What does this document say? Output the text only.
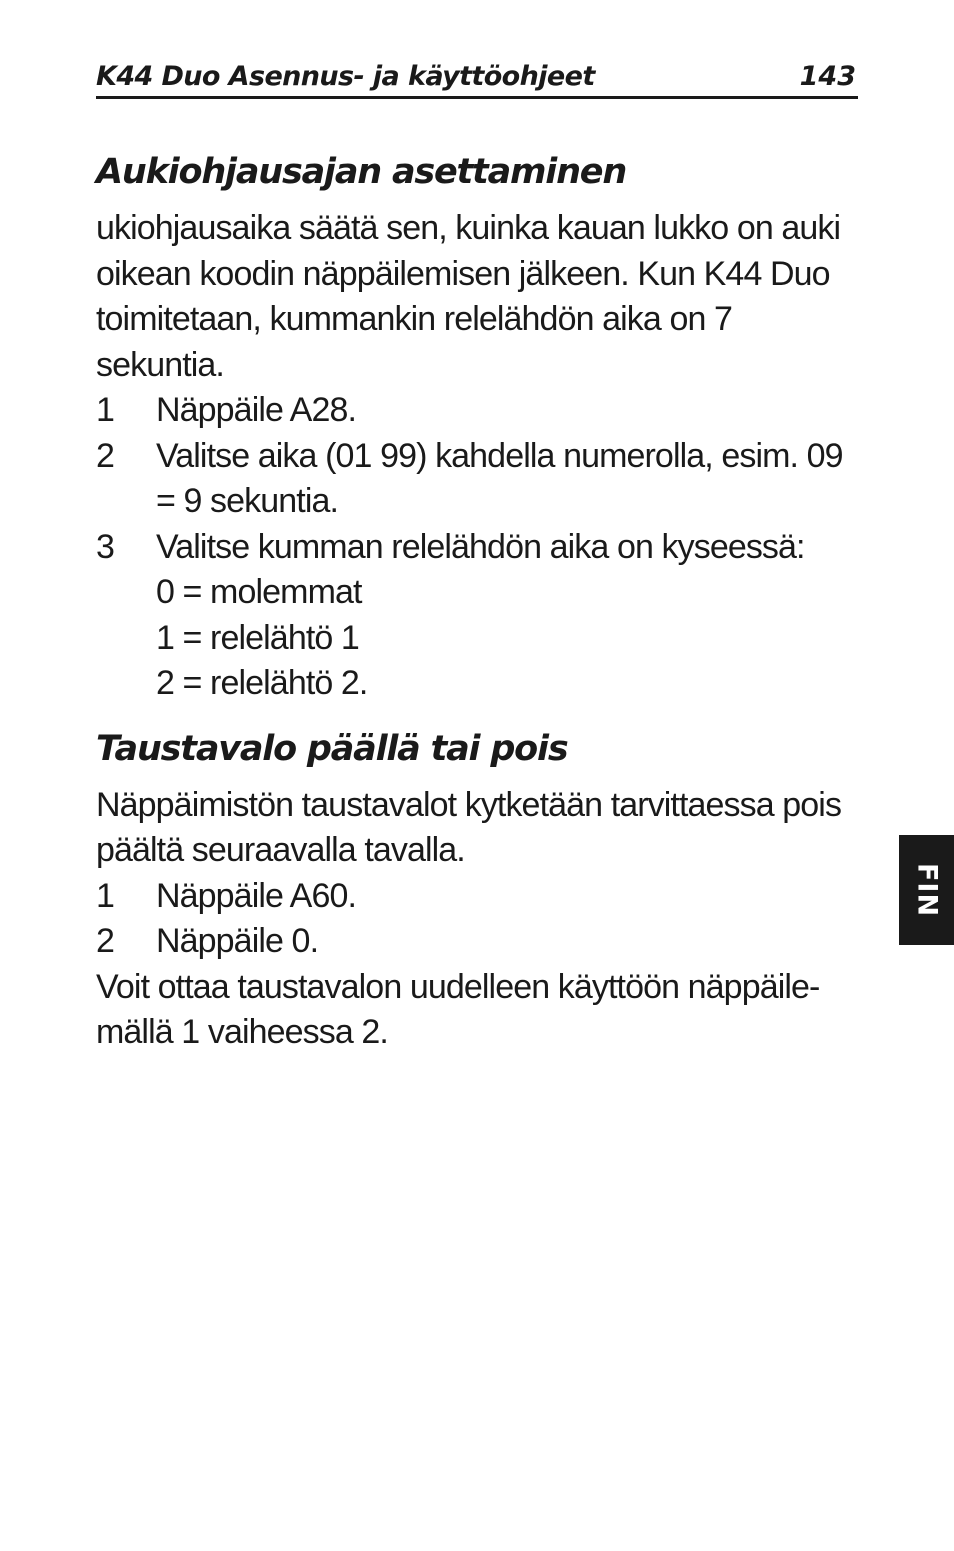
K44 Duo Asennus- ja käyttöohjeet	143
Aukiohjausajan asettaminen

ukiohjausaika säätä sen, kuinka kauan lukko on auki oikean koodin näppäilemisen jälkeen. Kun K44 Duo toimitetaan, kummankin relelähdön aika on 7 sekuntia.

1 Näppäile A28.
2 Valitse aika (01 99) kahdella numerolla, esim. 09 = 9 sekuntia.
3 Valitse kumman relelähdön aika on kyseessä:
0 = molemmat
1 = relelähtö 1
2 = relelähtö 2.
Taustavalo päällä tai pois

Näppäimistön taustavalot kytketään tarvittaessa pois päältä seuraavalla tavalla.

1 Näppäile A60.
2 Näppäile 0.

Voit ottaa taustavalon uudelleen käyttöön näppäile-mällä 1 vaiheessa 2.

FIN
